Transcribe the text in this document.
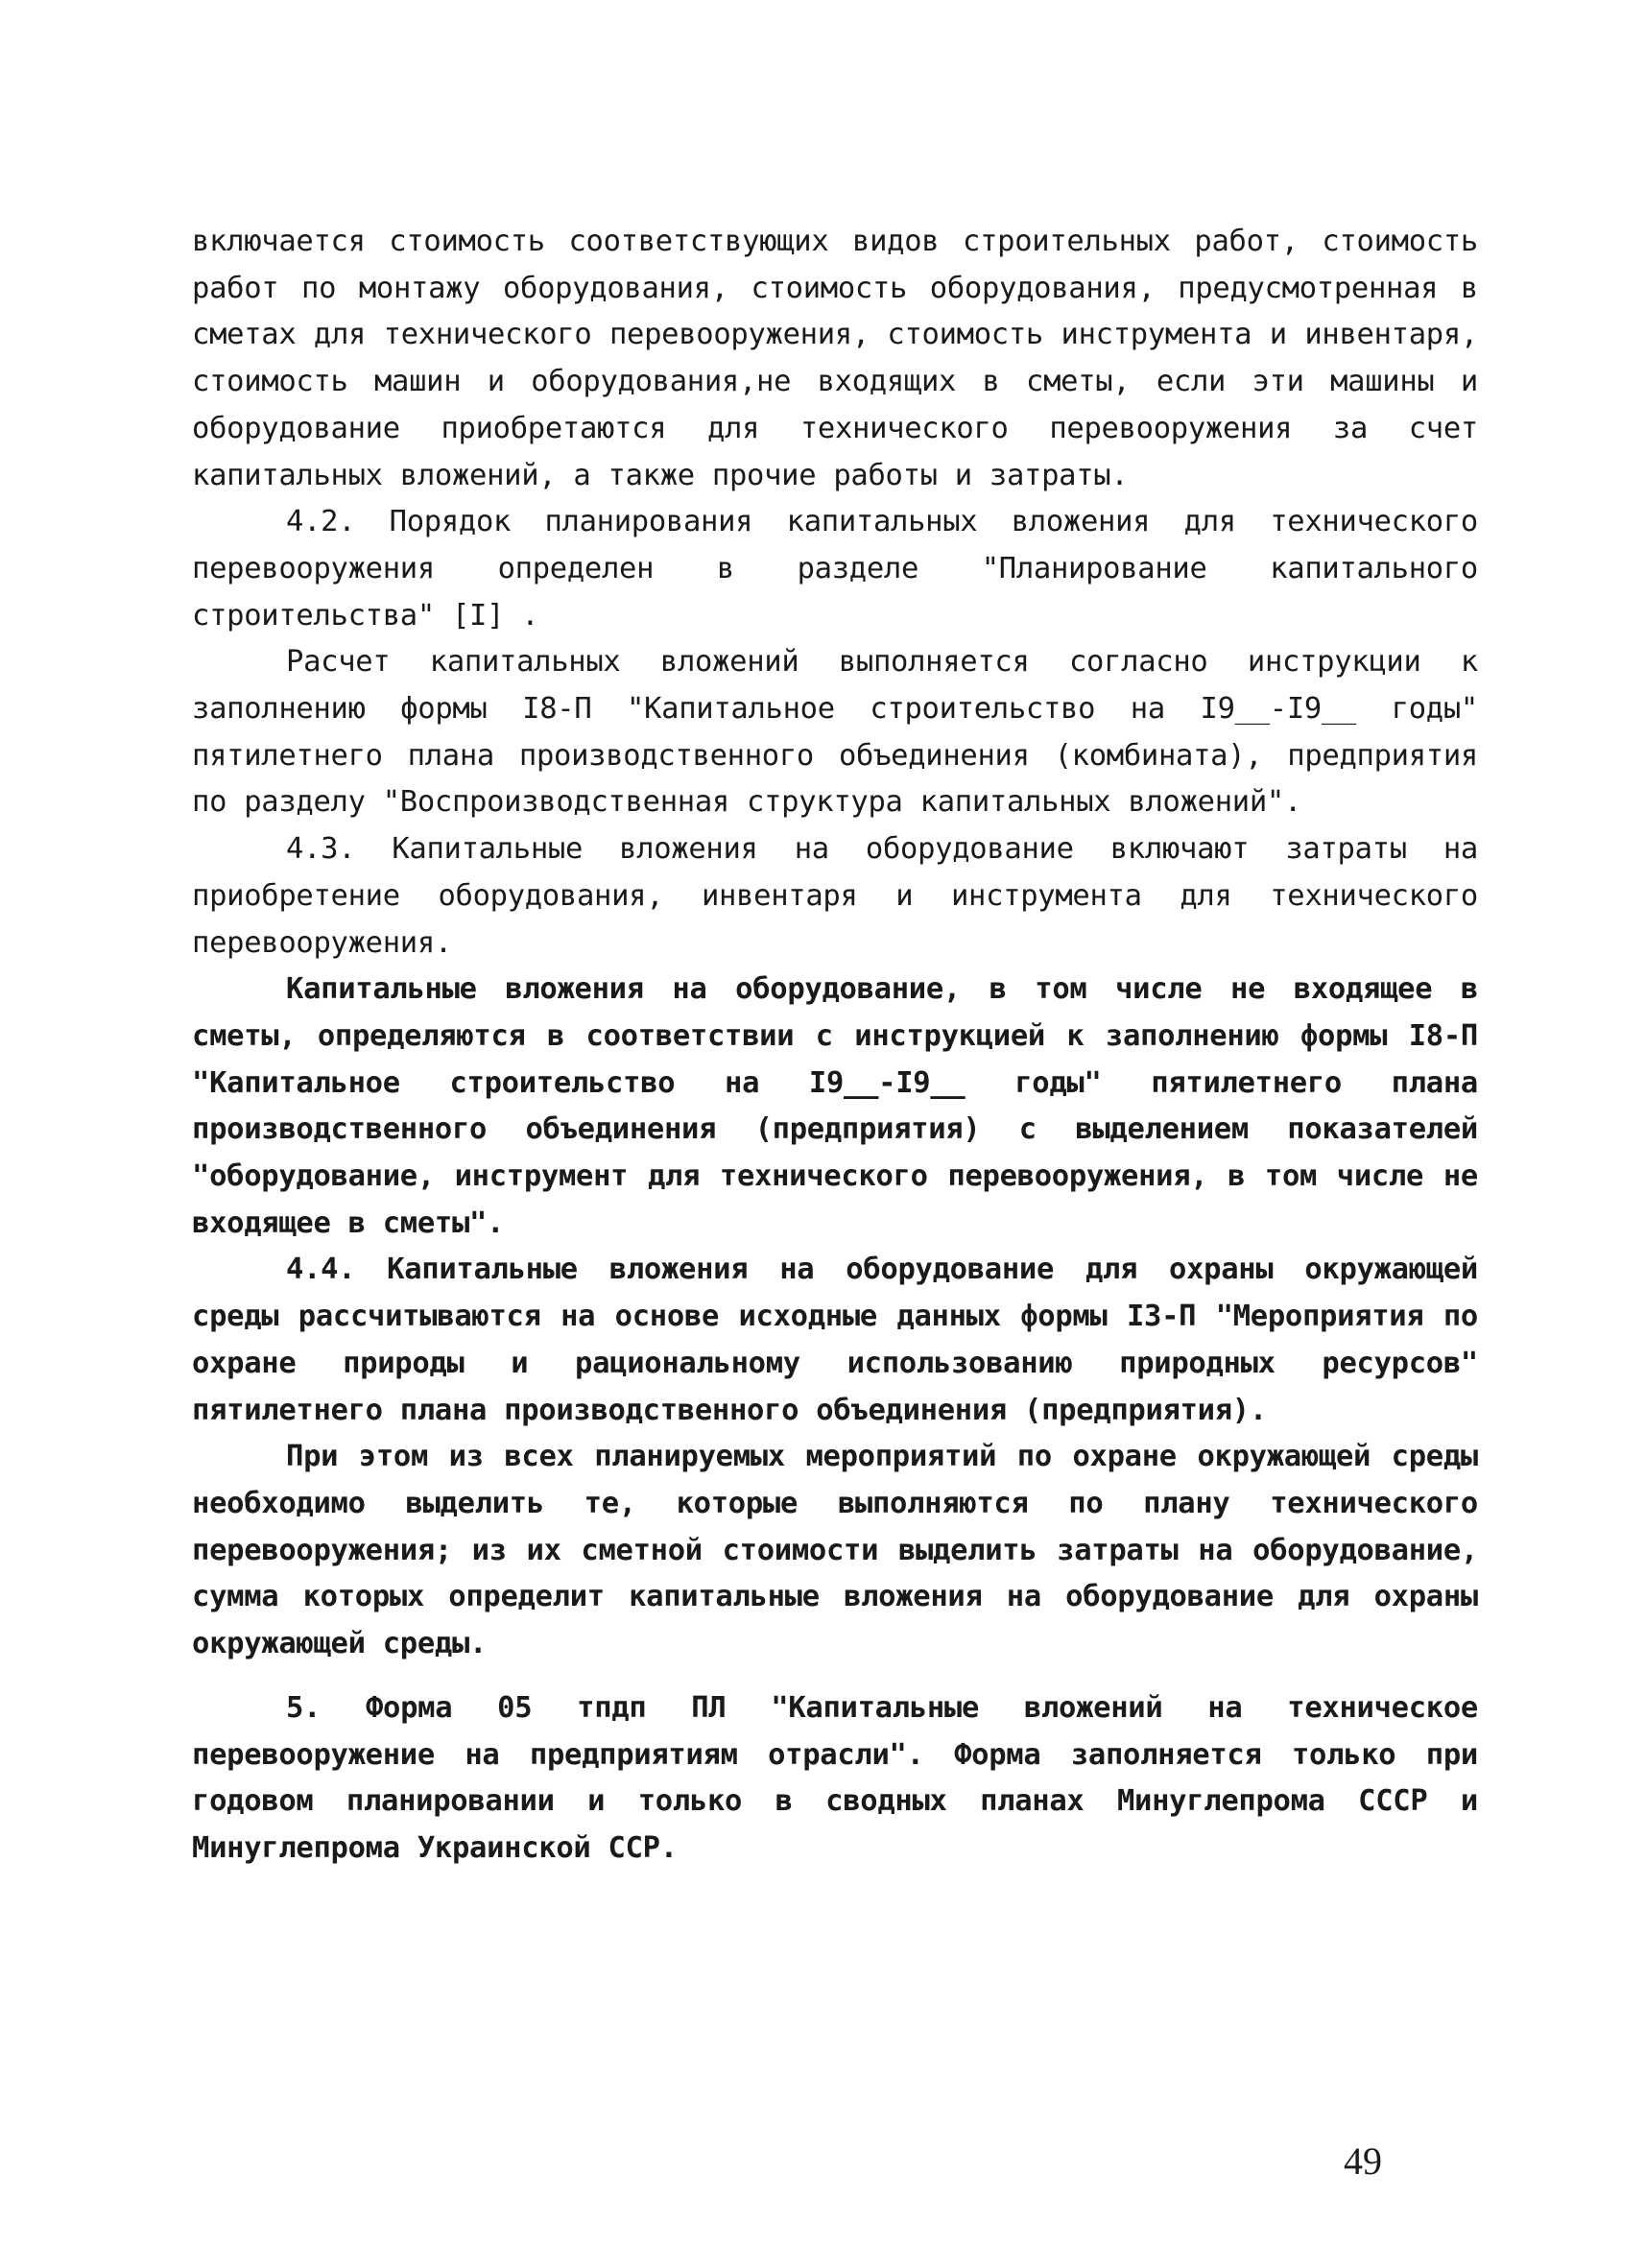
включается стоимость соответствующих видов строительных работ, стоимость работ по монтажу оборудования, стоимость оборудования, предусмотренная в сметах для технического перевооружения, стоимость инструмента и инвентаря, стоимость машин и оборудования,не входящих в сметы, если эти машины и оборудование приобретаются для технического перевооружения за счет капитальных вложений, а также прочие работы и затраты.

4.2. Порядок планирования капитальных вложения для технического перевооружения определен в разделе "Планирование капитального строительства" [I] .

Расчет капитальных вложений выполняется согласно инструкции к заполнению формы I8-П "Капитальное строительство на I9__-I9__ годы" пятилетнего плана производственного объединения (комбината), предприятия по разделу "Воспроизводственная структура капитальных вложений".

4.3. Капитальные вложения на оборудование включают затраты на приобретение оборудования, инвентаря и инструмента для технического перевооружения.

Капитальные вложения на оборудование, в том числе не входящее в сметы, определяются в соответствии с инструкцией к заполнению формы I8-П "Капитальное строительство на I9__-I9__ годы" пятилетнего плана производственного объединения (предприятия) с выделением показателей "оборудование, инструмент для технического перевооружения, в том числе не входящее в сметы".

4.4. Капитальные вложения на оборудование для охраны окружающей среды рассчитываются на основе исходные данных формы I3-П "Мероприятия по охране природы и рациональному использованию природных ресурсов" пятилетнего плана производственного объединения (предприятия).

При этом из всех планируемых мероприятий по охране окружающей среды необходимо выделить те, которые выполняются по плану технического перевооружения; из их сметной стоимости выделить затраты на оборудование, сумма которых определит капитальные вложения на оборудование для охраны окружающей среды.

5. Форма 05 тпдп ПЛ "Капитальные вложений на техническое перевооружение на предприятиям отрасли". Форма заполняется только при годовом планировании и только в сводных планах Минуглепрома СССР и Минуглепрома Украинской ССР.

49
